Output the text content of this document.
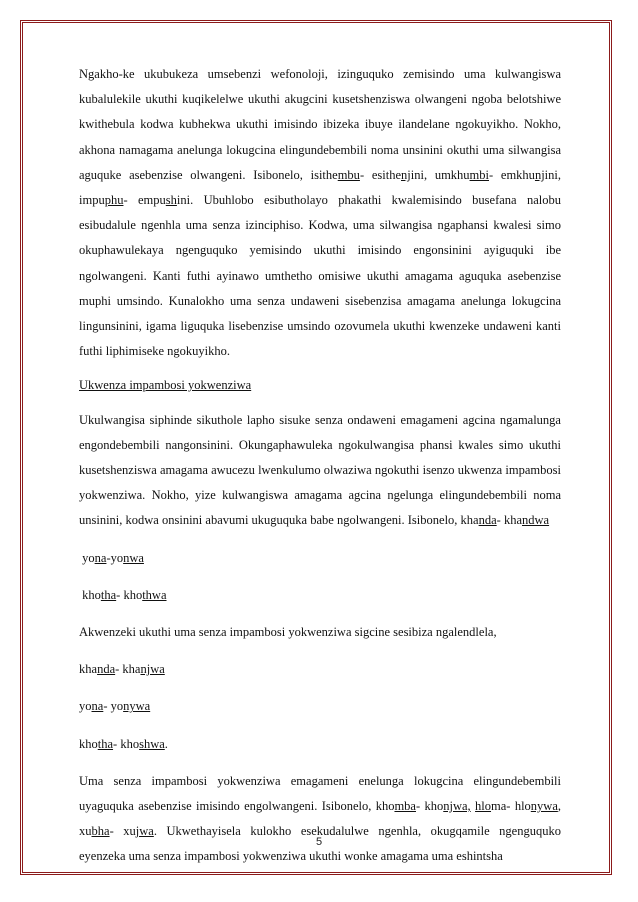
Ngakho-ke ukubukeza umsebenzi wefonoloji, izinguquko zemisindo uma kulwangiswa kubalulekile ukuthi kuqikelelwe ukuthi akugcini kusetshenziswa olwangeni ngoba belotshiwe kwithebula kodwa kubhekwa ukuthi imisindo ibizeka ibuye ilandelane ngokuyikho. Nokho, akhona namagama anelunga lokugcina elingundebembili noma unsinini okuthi uma silwangisa aguquke asebenzise olwangeni. Isibonelo, isithembu- esithenjini, umkhumbi- emkhunjini, impuphu- empushini. Ubuhlobo esibutholayo phakathi kwalemisindo busefana nalobu esibudalule ngenhla uma senza izinciphiso. Kodwa, uma silwangisa ngaphansi kwalesi simo okuphawulekaya ngenguquko yemisindo ukuthi imisindo engonsinini ayiguquki ibe ngolwangeni. Kanti futhi ayinawo umthetho omisiwe ukuthi amagama aguquka asebenzise muphi umsindo. Kunalokho uma senza undaweni sisebenzisa amagama anelunga lokugcina lingunsinini, igama liguquka lisebenzise umsindo ozovumela ukuthi kwenzeke undaweni kanti futhi liphimiseke ngokuyikho.

Ukwenza impambosi yokwenziwa

Ukulwangisa siphinde sikuthole lapho sisuke senza ondaweni emagameni agcina ngamalunga engondebembili nangonsinini. Okungaphawuleka ngokulwangisa phansi kwales simo ukuthi kusetshenziswa amagama awucezu lwenkulumo olwaziwa ngokuthi isenzo ukwenza impambosi yokwenziwa. Nokho, yize kulwangiswa amagama agcina ngelunga elingundebembili noma unsinini, kodwa onsinini abavumi ukuguquka babe ngolwangeni. Isibonelo, khanda- khandwa

yona-yonwa

khotha- khothwa

Akwenzeki ukuthi uma senza impambosi yokwenziwa sigcine sesibiza ngalendlela,

khanda- khanjwa

yona- yonywa

khotha- khoshwa.

Uma senza impambosi yokwenziwa emagameni enelunga lokugcina elingundebembili uyaguquka asebenzise imisindo engolwangeni. Isibonelo, khomba- khonjwa, hloma- hlonywa, xubha- xujwa. Ukwethayisela kulokho esekudalulwe ngenhla, okugqamile ngenguquko eyenzeka uma senza impambosi yokwenziwa ukuthi wonke amagama uma eshintsha

5
